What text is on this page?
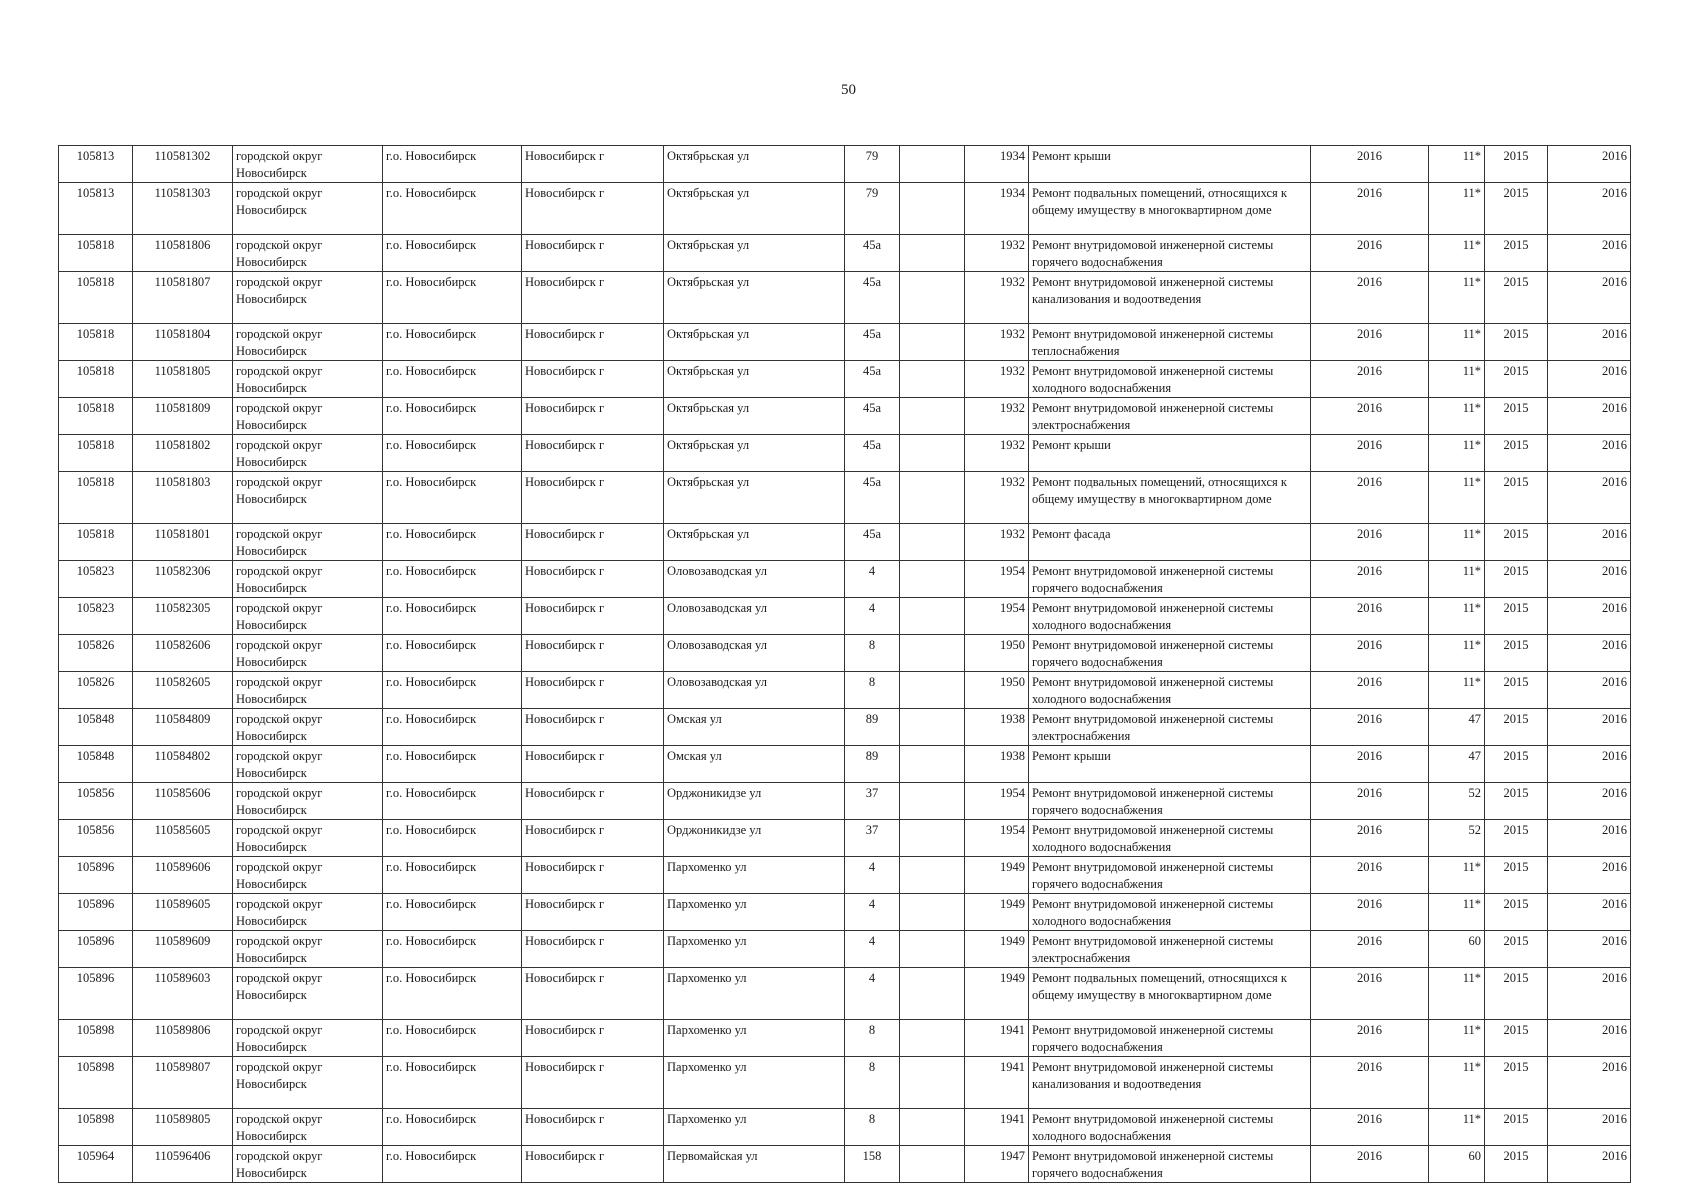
50
105813	110581302	городской округ Новосибирск	г.о. Новосибирск	Новосибирск г	Октябрьская ул	79		1934	Ремонт крыши	2016	11*	2015	2016
105813	110581303	городской округ Новосибирск	г.о. Новосибирск	Новосибирск г	Октябрьская ул	79		1934	Ремонт подвальных помещений, относящихся к общему имуществу в многоквартирном доме	2016	11*	2015	2016
105818	110581806	городской округ Новосибирск	г.о. Новосибирск	Новосибирск г	Октябрьская ул	45а		1932	Ремонт внутридомовой инженерной системы горячего водоснабжения	2016	11*	2015	2016
105818	110581807	городской округ Новосибирск	г.о. Новосибирск	Новосибирск г	Октябрьская ул	45а		1932	Ремонт внутридомовой инженерной системы канализования и водоотведения	2016	11*	2015	2016
105818	110581804	городской округ Новосибирск	г.о. Новосибирск	Новосибирск г	Октябрьская ул	45а		1932	Ремонт внутридомовой инженерной системы теплоснабжения	2016	11*	2015	2016
105818	110581805	городской округ Новосибирск	г.о. Новосибирск	Новосибирск г	Октябрьская ул	45а		1932	Ремонт внутридомовой инженерной системы холодного водоснабжения	2016	11*	2015	2016
105818	110581809	городской округ Новосибирск	г.о. Новосибирск	Новосибирск г	Октябрьская ул	45а		1932	Ремонт внутридомовой инженерной системы электроснабжения	2016	11*	2015	2016
105818	110581802	городской округ Новосибирск	г.о. Новосибирск	Новосибирск г	Октябрьская ул	45а		1932	Ремонт крыши	2016	11*	2015	2016
105818	110581803	городской округ Новосибирск	г.о. Новосибирск	Новосибирск г	Октябрьская ул	45а		1932	Ремонт подвальных помещений, относящихся к общему имуществу в многоквартирном доме	2016	11*	2015	2016
105818	110581801	городской округ Новосибирск	г.о. Новосибирск	Новосибирск г	Октябрьская ул	45а		1932	Ремонт фасада	2016	11*	2015	2016
105823	110582306	городской округ Новосибирск	г.о. Новосибирск	Новосибирск г	Оловозаводская ул	4		1954	Ремонт внутридомовой инженерной системы горячего водоснабжения	2016	11*	2015	2016
105823	110582305	городской округ Новосибирск	г.о. Новосибирск	Новосибирск г	Оловозаводская ул	4		1954	Ремонт внутридомовой инженерной системы холодного водоснабжения	2016	11*	2015	2016
105826	110582606	городской округ Новосибирск	г.о. Новосибирск	Новосибирск г	Оловозаводская ул	8		1950	Ремонт внутридомовой инженерной системы горячего водоснабжения	2016	11*	2015	2016
105826	110582605	городской округ Новосибирск	г.о. Новосибирск	Новосибирск г	Оловозаводская ул	8		1950	Ремонт внутридомовой инженерной системы холодного водоснабжения	2016	11*	2015	2016
105848	110584809	городской округ Новосибирск	г.о. Новосибирск	Новосибирск г	Омская ул	89		1938	Ремонт внутридомовой инженерной системы электроснабжения	2016	47	2015	2016
105848	110584802	городской округ Новосибирск	г.о. Новосибирск	Новосибирск г	Омская ул	89		1938	Ремонт крыши	2016	47	2015	2016
105856	110585606	городской округ Новосибирск	г.о. Новосибирск	Новосибирск г	Орджоникидзе ул	37		1954	Ремонт внутридомовой инженерной системы горячего водоснабжения	2016	52	2015	2016
105856	110585605	городской округ Новосибирск	г.о. Новосибирск	Новосибирск г	Орджоникидзе ул	37		1954	Ремонт внутридомовой инженерной системы холодного водоснабжения	2016	52	2015	2016
105896	110589606	городской округ Новосибирск	г.о. Новосибирск	Новосибирск г	Пархоменко ул	4		1949	Ремонт внутридомовой инженерной системы горячего водоснабжения	2016	11*	2015	2016
105896	110589605	городской округ Новосибирск	г.о. Новосибирск	Новосибирск г	Пархоменко ул	4		1949	Ремонт внутридомовой инженерной системы холодного водоснабжения	2016	11*	2015	2016
105896	110589609	городской округ Новосибирск	г.о. Новосибирск	Новосибирск г	Пархоменко ул	4		1949	Ремонт внутридомовой инженерной системы электроснабжения	2016	60	2015	2016
105896	110589603	городской округ Новосибирск	г.о. Новосибирск	Новосибирск г	Пархоменко ул	4		1949	Ремонт подвальных помещений, относящихся к общему имуществу в многоквартирном доме	2016	11*	2015	2016
105898	110589806	городской округ Новосибирск	г.о. Новосибирск	Новосибирск г	Пархоменко ул	8		1941	Ремонт внутридомовой инженерной системы горячего водоснабжения	2016	11*	2015	2016
105898	110589807	городской округ Новосибирск	г.о. Новосибирск	Новосибирск г	Пархоменко ул	8		1941	Ремонт внутридомовой инженерной системы канализования и водоотведения	2016	11*	2015	2016
105898	110589805	городской округ Новосибирск	г.о. Новосибирск	Новосибирск г	Пархоменко ул	8		1941	Ремонт внутридомовой инженерной системы холодного водоснабжения	2016	11*	2015	2016
105964	110596406	городской округ Новосибирск	г.о. Новосибирск	Новосибирск г	Первомайская ул	158		1947	Ремонт внутридомовой инженерной системы горячего водоснабжения	2016	60	2015	2016
